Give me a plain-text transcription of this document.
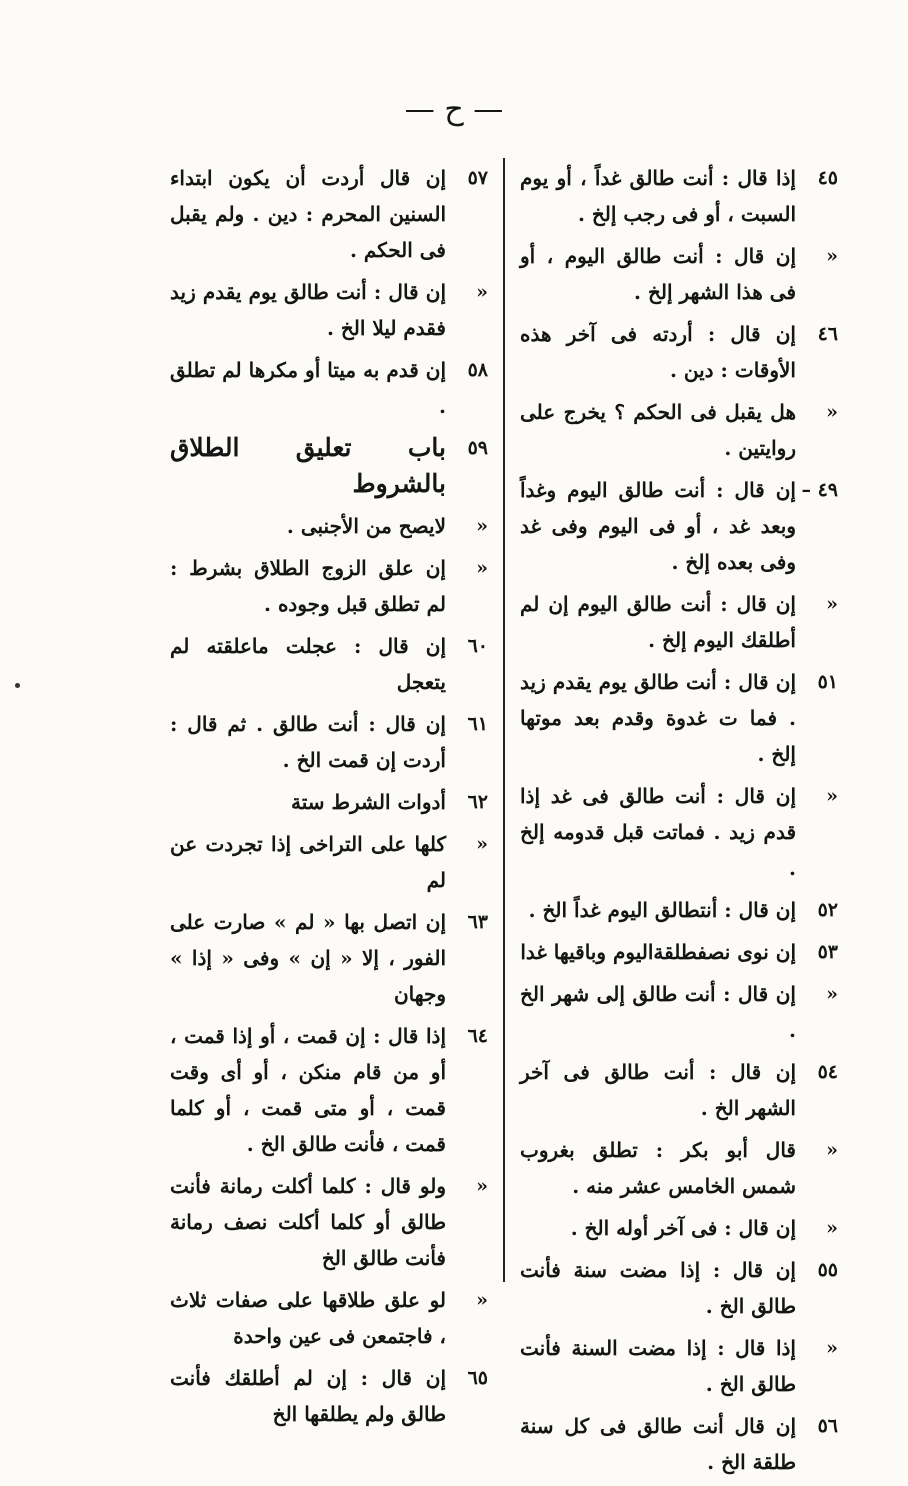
— ح —
٤٥
إذا قال : أنت طالق غداً ، أو يوم السبت ، أو فى رجب إلخ .
«
إن قال : أنت طالق اليوم ، أو فى هذا الشهر إلخ .
٤٦
إن قال : أردته فى آخر هذه الأوقات : دين .
«
هل يقبل فى الحكم ؟ يخرج على روايتين .
٤٩ –
إن قال : أنت طالق اليوم وغداً وبعد غد ، أو فى اليوم وفى غد وفى بعده إلخ .
«
إن قال : أنت طالق اليوم إن لم أطلقك اليوم إلخ .
٥١
إن قال : أنت طالق يوم يقدم زيد . فما ت غدوة وقدم بعد موتها إلخ .
«
إن قال : أنت طالق فى غد إذا قدم زيد . فماتت قبل قدومه إلخ .
٥٢
إن قال : أنتطالق اليوم غداً الخ .
٥٣
إن نوى نصفطلقةاليوم وباقيها غدا
«
إن قال : أنت طالق إلى شهر الخ .
٥٤
إن قال : أنت طالق فى آخر الشهر الخ .
«
قال أبو بكر : تطلق بغروب شمس الخامس عشر منه .
«
إن قال : فى آخر أوله الخ .
٥٥
إن قال : إذا مضت سنة فأنت طالق الخ .
«
إذا قال : إذا مضت السنة فأنت طالق الخ .
٥٦
إن قال أنت طالق فى كل سنة طلقة الخ .
٥٧
إن قال أردت أن يكون ابتداء السنين المحرم : دين . ولم يقبل فى الحكم .
«
إن قال : أنت طالق يوم يقدم زيد فقدم ليلا الخ .
٥٨
إن قدم به ميتا أو مكرها لم تطلق .
٥٩
باب تعليق الطلاق بالشروط
«
لايصح من الأجنبى .
«
إن علق الزوج الطلاق بشرط : لم تطلق قبل وجوده .
٦٠
إن قال : عجلت ماعلقته لم يتعجل
٦١
إن قال : أنت طالق . ثم قال : أردت إن قمت الخ .
٦٢
أدوات الشرط ستة
«
كلها على التراخى إذا تجردت عن لم
٦٣
إن اتصل بها « لم » صارت على الفور ، إلا « إن » وفى « إذا » وجهان
٦٤
إذا قال : إن قمت ، أو إذا قمت ، أو من قام منكن ، أو أى وقت قمت ، أو متى قمت ، أو كلما قمت ، فأنت طالق الخ .
«
ولو قال : كلما أكلت رمانة فأنت طالق أو كلما أكلت نصف رمانة فأنت طالق الخ
«
لو علق طلاقها على صفات ثلاث ، فاجتمعن فى عين واحدة
٦٥
إن قال : إن لم أطلقك فأنت طالق ولم يطلقها الخ
